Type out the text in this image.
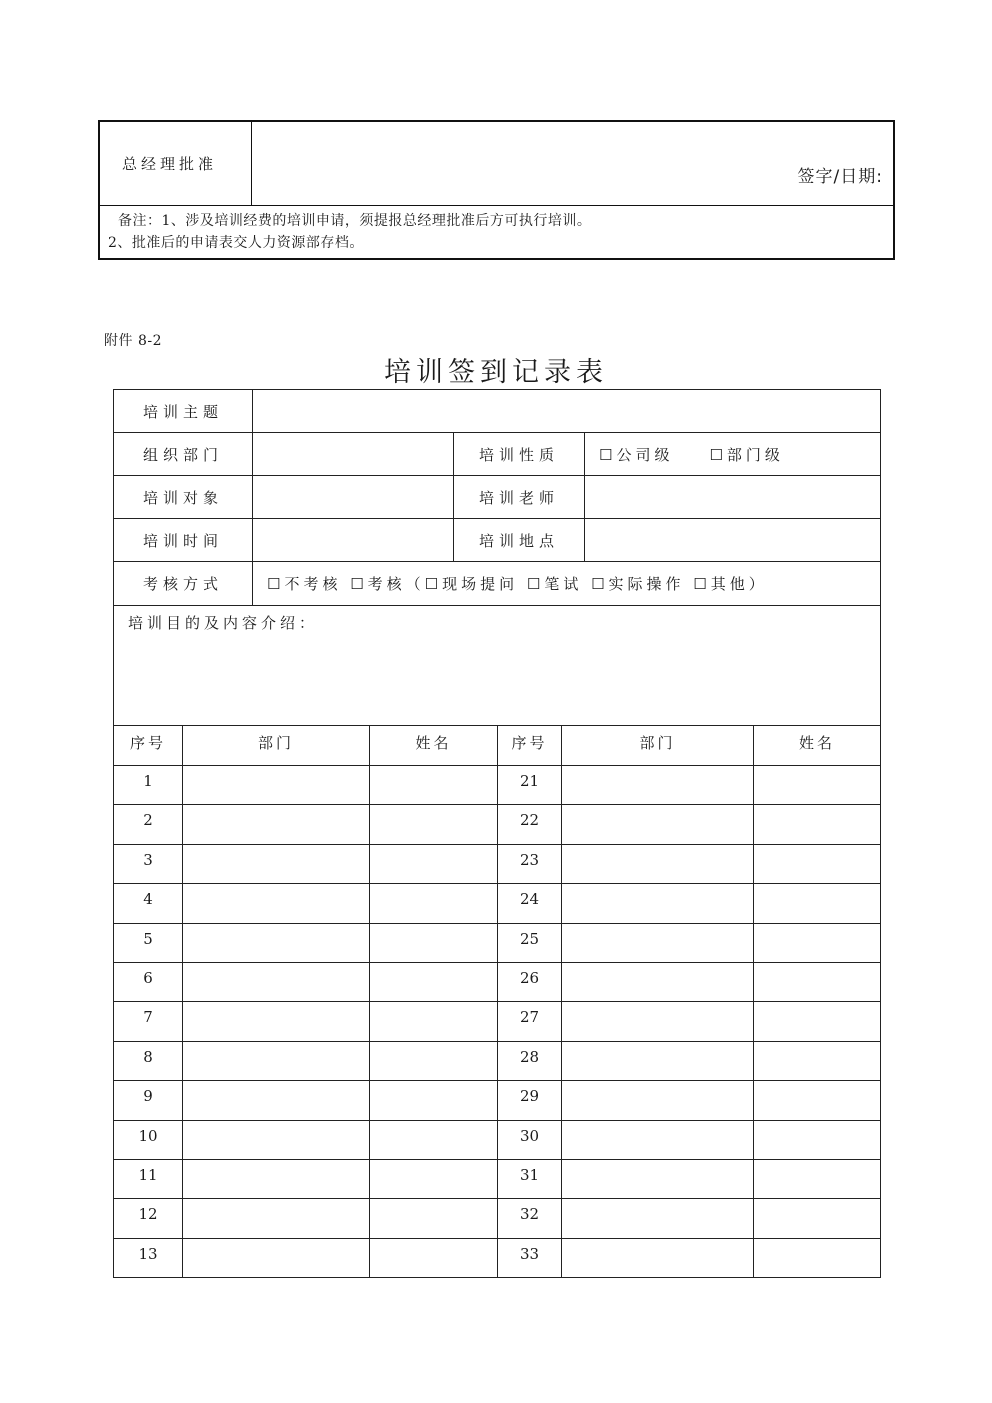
总经理批准	
签字/日期:

备注：1、涉及培训经费的培训申请，须提报总经理批准后方可执行培训。
2、批准后的申请表交人力资源部存档。
附件 8-2
培训签到记录表
培训主题			
组织部门		培训性质	☐公司级 ☐部门级
培训对象		培训老师	
培训时间		培训地点	
考核方式	☐不考核 ☐考核（☐现场提问 ☐笔试 ☐实际操作 ☐其他）		
培训目的及内容介绍：			
序号	部门	姓名	序号	部门	姓名
1			21		
2			22		
3			23		
4			24		
5			25		
6			26		
7			27		
8			28		
9			29		
10			30		
11			31		
12			32		
13			33		
